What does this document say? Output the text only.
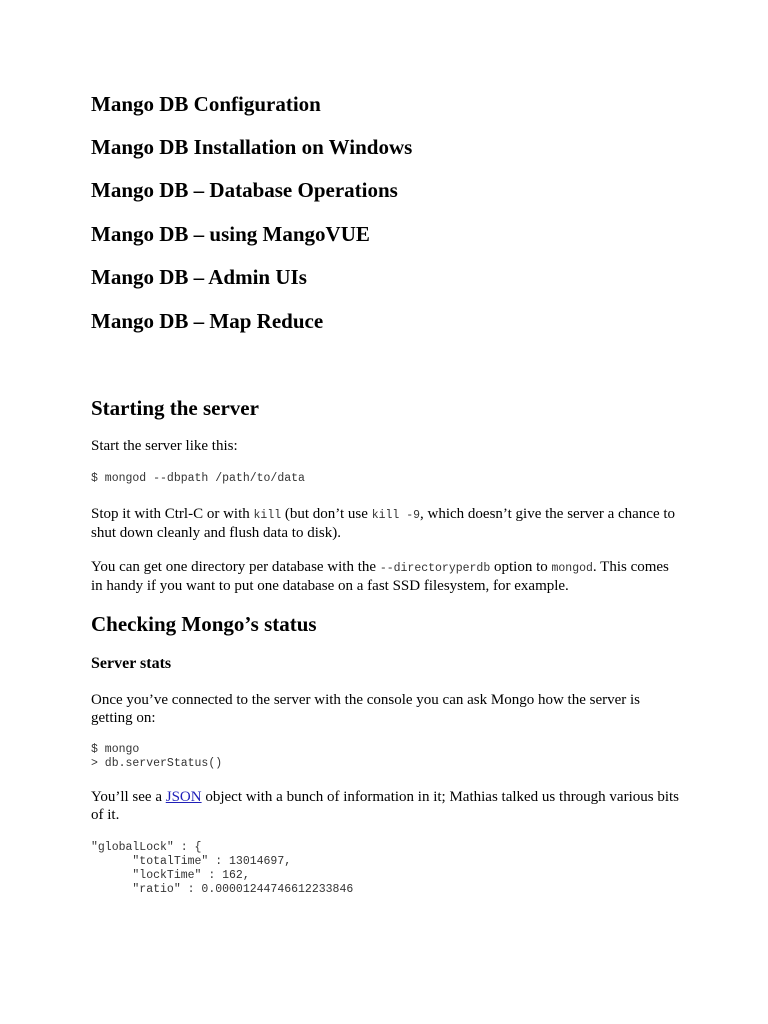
Mango DB Configuration
Mango DB Installation on Windows
Mango DB – Database Operations
Mango DB – using MangoVUE
Mango DB – Admin UIs
Mango DB – Map Reduce
Starting the server

Start the server like this:

$ mongod --dbpath /path/to/data

Stop it with Ctrl-C or with kill (but don’t use kill -9, which doesn’t give the server a chance to shut down cleanly and flush data to disk).

You can get one directory per database with the --directoryperdb option to mongod. This comes in handy if you want to put one database on a fast SSD filesystem, for example.

Checking Mongo’s status
Server stats

Once you’ve connected to the server with the console you can ask Mongo how the server is getting on:

$ mongo
> db.serverStatus()

You’ll see a JSON object with a bunch of information in it; Mathias talked us through various bits of it.

"globalLock" : {
"totalTime" : 13014697,
"lockTime" : 162,
"ratio" : 0.00001244746612233846
